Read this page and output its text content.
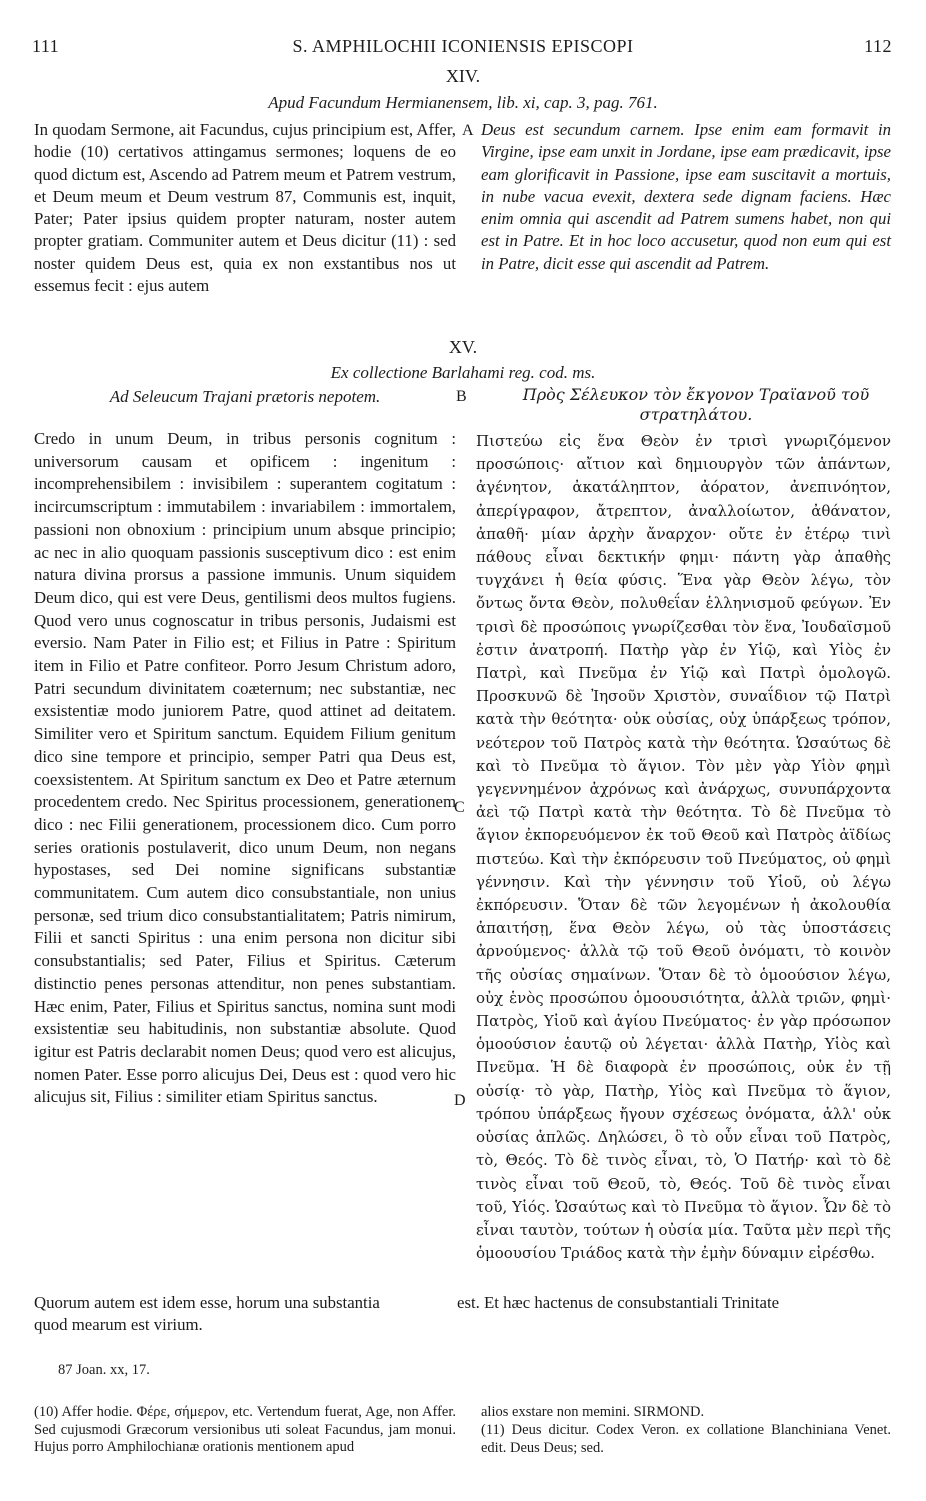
111	S. AMPHILOCHII ICONIENSIS EPISCOPI	112
XIV.
Apud Facundum Hermianensem, lib. xi, cap. 3, pag. 761.

In quodam Sermone, ait Facundus, cujus principium est, Affer, hodie (10) certativos attingamus sermones; loquens de eo quod dictum est, Ascendo ad Patrem meum et Patrem vestrum, et Deum meum et Deum vestrum 87, Communis est, inquit, Pater; Pater ipsius quidem propter naturam, noster autem propter gratiam. Communiter autem et Deus dicitur (11) : sed noster quidem Deus est, quia ex non exstantibus nos ut essemus fecit : ejus autem

A Deus est secundum carnem. Ipse enim eam formavit in Virgine, ipse eam unxit in Jordane, ipse eam prædicavit, ipse eam glorificavit in Passione, ipse eam suscitavit a mortuis, in nube vacua evexit, dextera sede dignam faciens. Hæc enim omnia qui ascendit ad Patrem sumens habet, non qui est in Patre. Et in hoc loco accusetur, quod non eum qui est in Patre, dicit esse qui ascendit ad Patrem.

XV.
Ex collectione Barlahami reg. cod. ms.
Ad Seleucum Trajani prætoris nepotem.	B	Πρὸς Σέλευκον τὸν ἔκγονον Τραϊανοῦ τοῦ στρατηλάτου.

Credo in unum Deum, in tribus personis cognitum : universorum causam et opificem : ingenitum : incomprehensibilem : invisibilem : superantem cogitatum : incircumscriptum : immutabilem : invariabilem : immortalem, passioni non obnoxium : principium unum absque principio; ac nec in alio quoquam passionis susceptivum dico : est enim natura divina prorsus a passione immunis. Unum siquidem Deum dico, qui est vere Deus, gentilismi deos multos fugiens. Quod vero unus cognoscatur in tribus personis, Judaismi est eversio. Nam Pater in Filio est; et Filius in Patre : Spiritum item in Filio et Patre confiteor. Porro Jesum Christum adoro, Patri secundum divinitatem coæternum; nec substantiæ, nec exsistentiæ modo juniorem Patre, quod attinet ad deitatem. Similiter vero et Spiritum sanctum. Equidem Filium genitum dico sine tempore et principio, semper Patri qua Deus est, coexsistentem. At Spiritum sanctum ex Deo et Patre æternum procedentem credo. Nec Spiritus processionem, generationem dico : nec Filii generationem, processionem dico. Cum porro series orationis postulaverit, dico unum Deum, non negans hypostases, sed Dei nomine significans substantiæ communitatem. Cum autem dico consubstantiale, non unius personæ, sed trium dico consubstantialitatem; Patris nimirum, Filii et sancti Spiritus : una enim persona non dicitur sibi consubstantialis; sed Pater, Filius et Spiritus. Cæterum distinctio penes personas attenditur, non penes substantiam. Hæc enim, Pater, Filius et Spiritus sanctus, nomina sunt modi exsistentiæ seu habitudinis, non substantiæ absolute. Quod igitur est Patris declarabit nomen Deus; quod vero est alicujus, nomen Pater. Esse porro alicujus Dei, Deus est : quod vero hic alicujus sit, Filius : similiter etiam Spiritus sanctus.

C
D

Πιστεύω εἰς ἕνα Θεὸν ἐν τρισὶ γνωριζόμενον προσώποις· αἴτιον καὶ δημιουργὸν τῶν ἁπάντων, ἀγένητον, ἀκατάληπτον, ἀόρατον, ἀνεπινόητον, ἀπερίγραφον, ἄτρεπτον, ἀναλλοίωτον, ἀθάνατον, ἀπαθῆ· μίαν ἀρχὴν ἄναρχον· οὔτε ἐν ἑτέρῳ τινὶ πάθους εἶναι δεκτικήν φημι· πάντη γὰρ ἀπαθὴς τυγχάνει ἡ θεία φύσις. Ἕνα γὰρ Θεὸν λέγω, τὸν ὄντως ὄντα Θεὸν, πολυθεΐαν ἑλληνισμοῦ φεύγων. Ἐν τρισὶ δὲ προσώποις γνωρίζεσθαι τὸν ἕνα, Ἰουδαϊσμοῦ ἐστιν ἀνατροπή. Πατὴρ γὰρ ἐν Υἱῷ, καὶ Υἱὸς ἐν Πατρὶ, καὶ Πνεῦμα ἐν Υἱῷ καὶ Πατρὶ ὁμολογῶ. Προσκυνῶ δὲ Ἰησοῦν Χριστὸν, συναΐδιον τῷ Πατρὶ κατὰ τὴν θεότητα· οὐκ οὐσίας, οὐχ ὑπάρξεως τρόπον, νεότερον τοῦ Πατρὸς κατὰ τὴν θεότητα. Ὡσαύτως δὲ καὶ τὸ Πνεῦμα τὸ ἅγιον. Τὸν μὲν γὰρ Υἱὸν φημὶ γεγεννημένον ἀχρόνως καὶ ἀνάρχως, συνυπάρχοντα ἀεὶ τῷ Πατρὶ κατὰ τὴν θεότητα. Τὸ δὲ Πνεῦμα τὸ ἅγιον ἐκπορευόμενον ἐκ τοῦ Θεοῦ καὶ Πατρὸς ἀϊδίως πιστεύω. Καὶ τὴν ἐκπόρευσιν τοῦ Πνεύματος, οὐ φημὶ γέννησιν. Καὶ τὴν γέννησιν τοῦ Υἱοῦ, οὐ λέγω ἐκπόρευσιν. Ὅταν δὲ τῶν λεγομένων ἡ ἀκολουθία ἀπαιτήσῃ, ἕνα Θεὸν λέγω, οὐ τὰς ὑποστάσεις ἀρνούμενος· ἀλλὰ τῷ τοῦ Θεοῦ ὀνόματι, τὸ κοινὸν τῆς οὐσίας σημαίνων. Ὅταν δὲ τὸ ὁμοούσιον λέγω, οὐχ ἑνὸς προσώπου ὁμοουσιότητα, ἀλλὰ τριῶν, φημὶ· Πατρὸς, Υἱοῦ καὶ ἁγίου Πνεύματος· ἐν γὰρ πρόσωπον ὁμοούσιον ἑαυτῷ οὐ λέγεται· ἀλλὰ Πατὴρ, Υἱὸς καὶ Πνεῦμα. Ἡ δὲ διαφορὰ ἐν προσώποις, οὐκ ἐν τῇ οὐσίᾳ· τὸ γὰρ, Πατὴρ, Υἱὸς καὶ Πνεῦμα τὸ ἅγιον, τρόπου ὑπάρξεως ἤγουν σχέσεως ὀνόματα, ἀλλ' οὐκ οὐσίας ἁπλῶς. Δηλώσει, ὃ τὸ οὖν εἶναι τοῦ Πατρὸς, τὸ, Θεός. Τὸ δὲ τινὸς εἶναι, τὸ, Ὁ Πατήρ· καὶ τὸ δὲ τινὸς εἶναι τοῦ Θεοῦ, τὸ, Θεός. Τοῦ δὲ τινὸς εἶναι τοῦ, Υἱός. Ὡσαύτως καὶ τὸ Πνεῦμα τὸ ἅγιον. Ὧν δὲ τὸ εἶναι ταυτὸν, τούτων ἡ οὐσία μία. Ταῦτα μὲν περὶ τῆς ὁμοουσίου Τριάδος κατὰ τὴν ἐμὴν δύναμιν εἰρέσθω.

Quorum autem est idem esse, horum una substantia	est. Et hæc hactenus de consubstantiali Trinitate

quod mearum est virium.

87 Joan. xx, 17.
(10) Affer hodie. Φέρε, σήμερον, etc. Vertendum fuerat, Age, non Affer. Sed cujusmodi Græcorum versionibus uti soleat Facundus, jam monui. Hujus porro Amphilochianæ orationis mentionem apud
alios exstare non memini. SIRMOND.
(11) Deus dicitur. Codex Veron. ex collatione Blanchiniana Venet. edit. Deus Deus; sed.
